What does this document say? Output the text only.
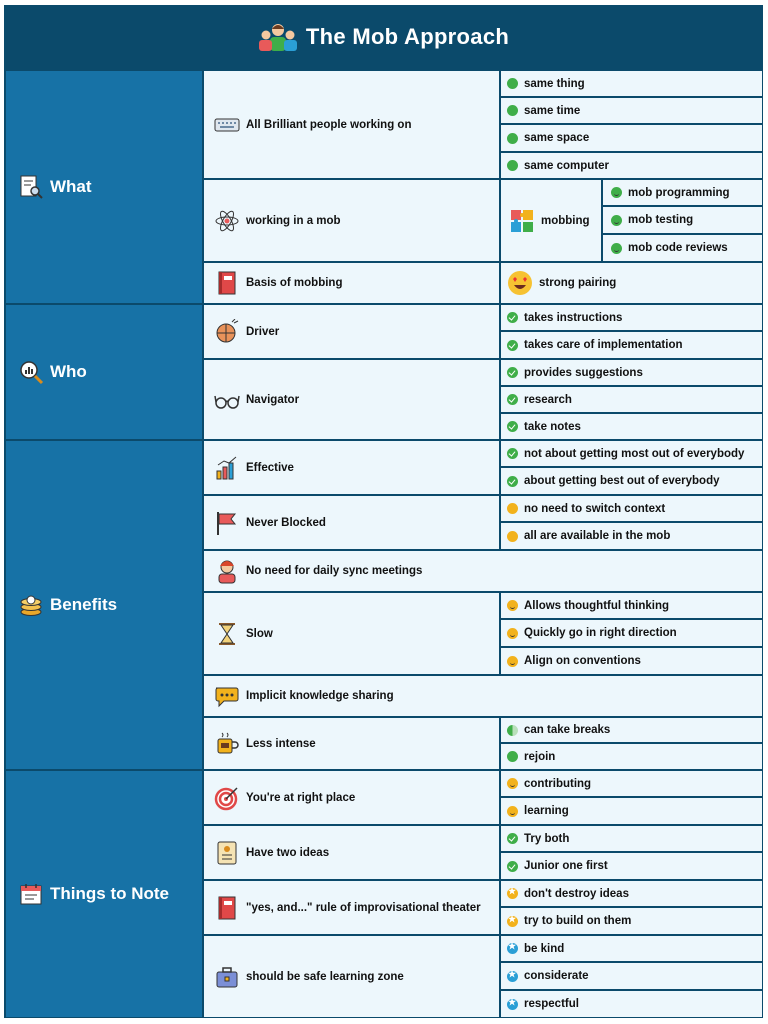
The Mob Approach
What
Who
Benefits
Things to Note
All Brilliant people working on
same thing
same time
same space
same computer
working in a mob	mobbing
mob programming
mob testing
mob code reviews
Basis of mobbing	strong pairing
Driver
takes instructions
takes care of implementation
Navigator
provides suggestions
research
take notes
Effective
not about getting most out of everybody
about getting best out of everybody
Never Blocked
no need to switch context
all are available in the mob
No need for daily sync meetings
Slow
Allows thoughtful thinking
Quickly go in right direction
Align on conventions
Implicit knowledge sharing
Less intense
can take breaks
rejoin
You're at right place
contributing
learning
Have two ideas
Try both
Junior one first
"yes, and..." rule of improvisational theater
★
don't destroy ideas
★
try to build on them
should be safe learning zone
★
be kind
★
considerate
★
respectful
